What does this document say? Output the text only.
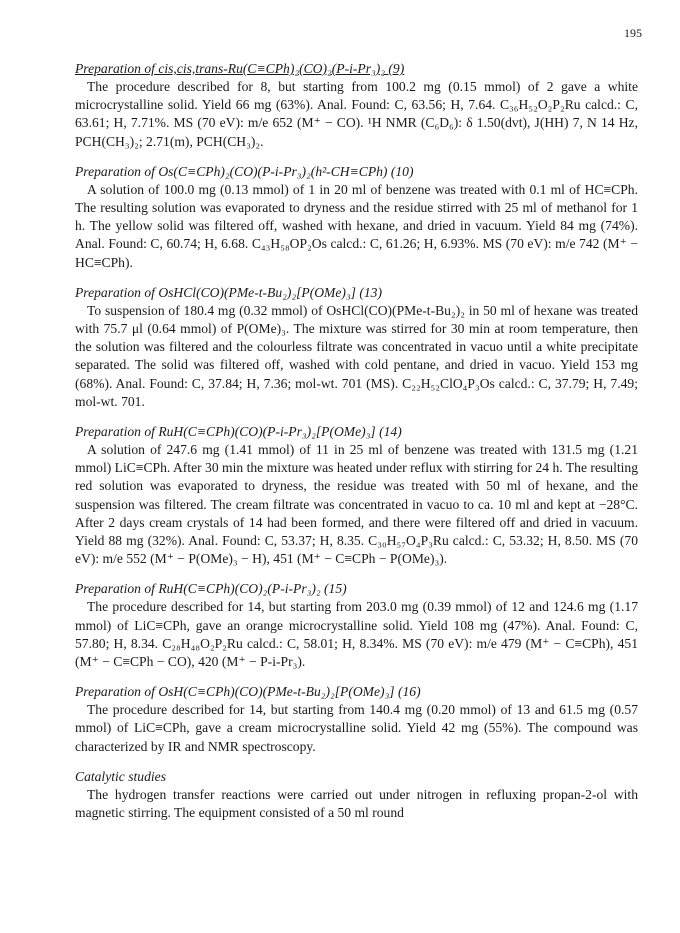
195

Preparation of cis,cis,trans-Ru(C≡CPh)₂(CO)₂(P-i-Pr₃)₂ (9)

The procedure described for 8, but starting from 100.2 mg (0.15 mmol) of 2 gave a white microcrystalline solid. Yield 66 mg (63%). Anal. Found: C, 63.56; H, 7.64. C₃₆H₅₂O₂P₂Ru calcd.: C, 63.61; H, 7.71%. MS (70 eV): m/e 652 (M⁺ − CO). ¹H NMR (C₆D₆): δ 1.50(dvt), J(HH) 7, N 14 Hz, PCH(CH₃)₂; 2.71(m), PCH(CH₃)₂.

Preparation of Os(C≡CPh)₂(CO)(P-i-Pr₃)₂(h²-CH≡CPh) (10)

A solution of 100.0 mg (0.13 mmol) of 1 in 20 ml of benzene was treated with 0.1 ml of HC≡CPh. The resulting solution was evaporated to dryness and the residue stirred with 25 ml of methanol for 1 h. The yellow solid was filtered off, washed with hexane, and dried in vacuum. Yield 84 mg (74%). Anal. Found: C, 60.74; H, 6.68. C₄₃H₅₈OP₂Os calcd.: C, 61.26; H, 6.93%. MS (70 eV): m/e 742 (M⁺ − HC≡CPh).

Preparation of OsHCl(CO)(PMe-t-Bu₂)₂[P(OMe)₃] (13)

To suspension of 180.4 mg (0.32 mmol) of OsHCl(CO)(PMe-t-Bu₂)₂ in 50 ml of hexane was treated with 75.7 μl (0.64 mmol) of P(OMe)₃. The mixture was stirred for 30 min at room temperature, then the solution was filtered and the colourless filtrate was concentrated in vacuo until a white precipitate separated. The solid was filtered off, washed with cold pentane, and dried in vacuo. Yield 153 mg (68%). Anal. Found: C, 37.84; H, 7.36; mol-wt. 701 (MS). C₂₂H₅₂ClO₄P₃Os calcd.: C, 37.79; H, 7.49; mol-wt. 701.

Preparation of RuH(C≡CPh)(CO)(P-i-Pr₃)₂[P(OMe)₃] (14)

A solution of 247.6 mg (1.41 mmol) of 11 in 25 ml of benzene was treated with 131.5 mg (1.21 mmol) LiC≡CPh. After 30 min the mixture was heated under reflux with stirring for 24 h. The resulting red solution was evaporated to dryness, the residue was treated with 50 ml of hexane, and the suspension was filtered. The cream filtrate was concentrated in vacuo to ca. 10 ml and kept at −28°C. After 2 days cream crystals of 14 had been formed, and there were filtered off and dried in vacuum. Yield 88 mg (32%). Anal. Found: C, 53.37; H, 8.35. C₃₀H₅₇O₄P₃Ru calcd.: C, 53.32; H, 8.50. MS (70 eV): m/e 552 (M⁺ − P(OMe)₃ − H), 451 (M⁺ − C≡CPh − P(OMe)₃).

Preparation of RuH(C≡CPh)(CO)₂(P-i-Pr₃)₂ (15)

The procedure described for 14, but starting from 203.0 mg (0.39 mmol) of 12 and 124.6 mg (1.17 mmol) of LiC≡CPh, gave an orange microcrystalline solid. Yield 108 mg (47%). Anal. Found: C, 57.80; H, 8.34. C₂₈H₄₈O₂P₂Ru calcd.: C, 58.01; H, 8.34%. MS (70 eV): m/e 479 (M⁺ − C≡CPh), 451 (M⁺ − C≡CPh − CO), 420 (M⁺ − P-i-Pr₃).

Preparation of OsH(C≡CPh)(CO)(PMe-t-Bu₂)₂[P(OMe)₃] (16)

The procedure described for 14, but starting from 140.4 mg (0.20 mmol) of 13 and 61.5 mg (0.57 mmol) of LiC≡CPh, gave a cream microcrystalline solid. Yield 42 mg (55%). The compound was characterized by IR and NMR spectroscopy.

Catalytic studies

The hydrogen transfer reactions were carried out under nitrogen in refluxing propan-2-ol with magnetic stirring. The equipment consisted of a 50 ml round
